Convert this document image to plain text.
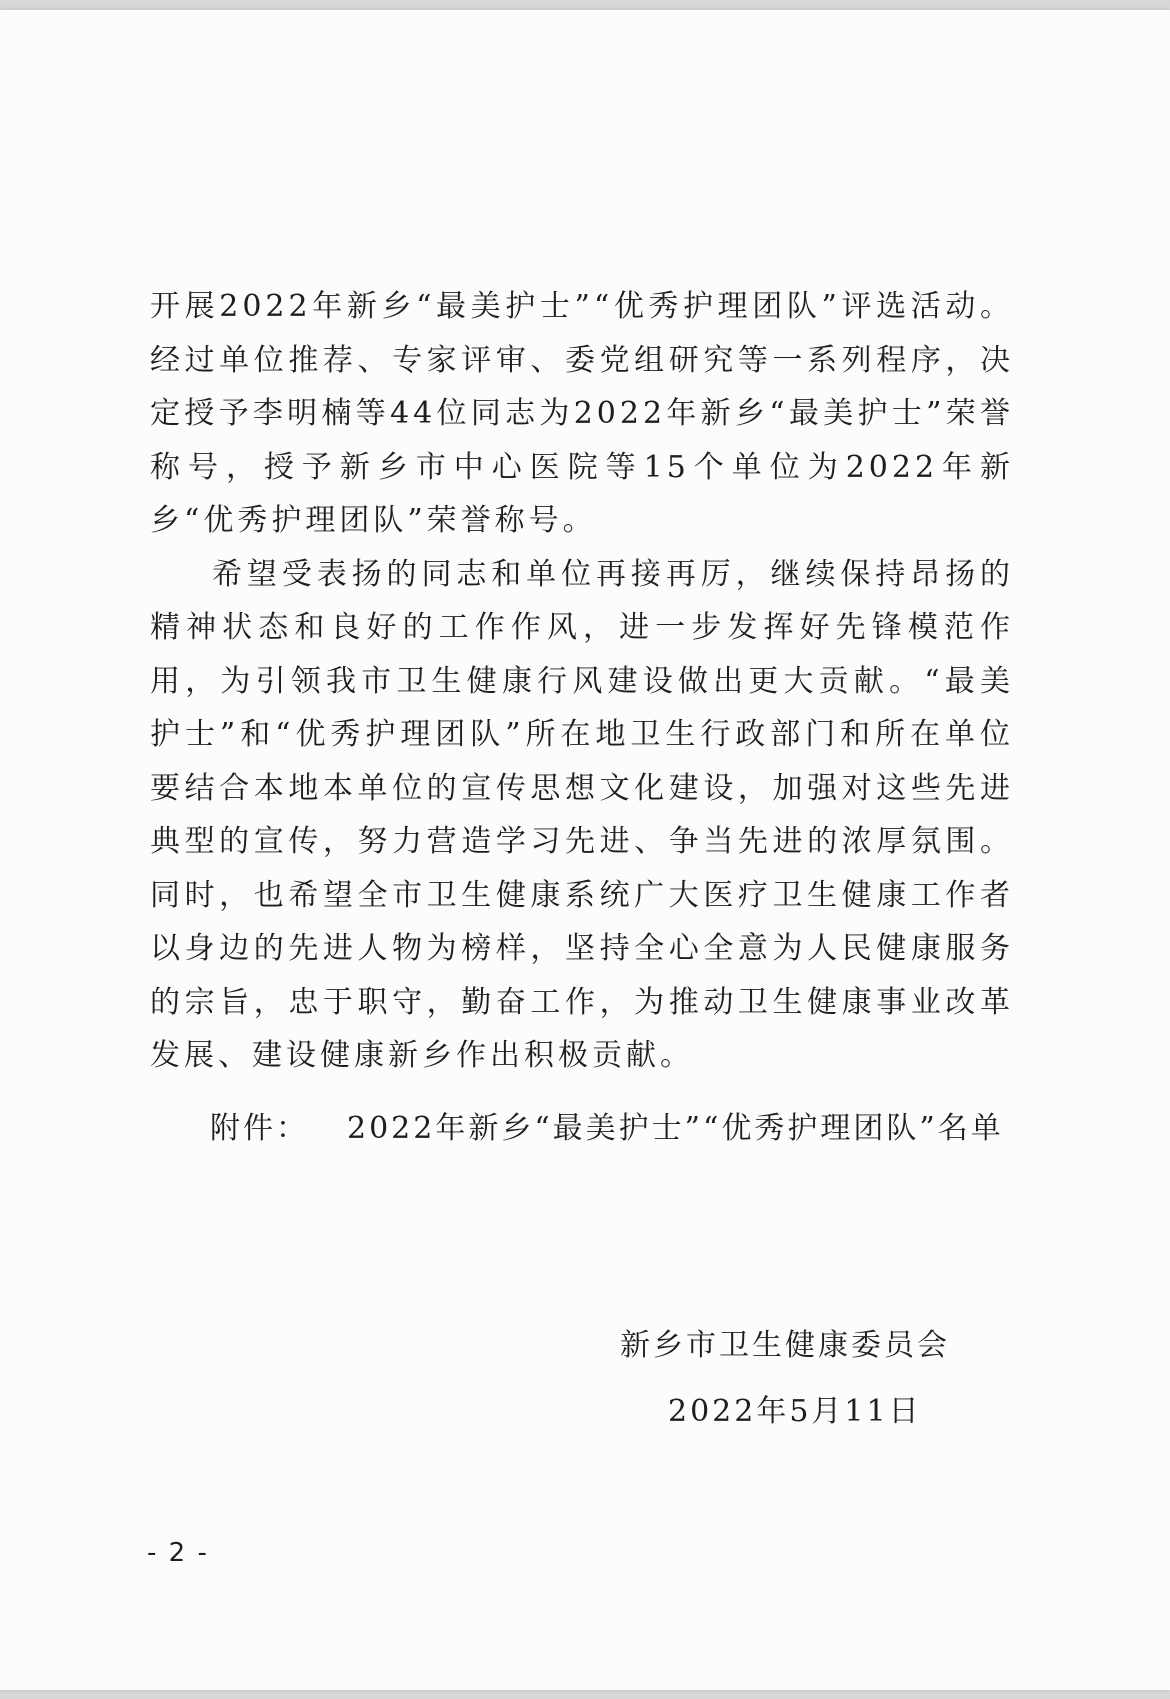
开展2022年新乡“最美护士”“优秀护理团队”评选活动。经过单位推荐、专家评审、委党组研究等一系列程序，决定授予李明楠等44位同志为2022年新乡“最美护士”荣誉称号，授予新乡市中心医院等15个单位为2022年新乡“优秀护理团队”荣誉称号。

希望受表扬的同志和单位再接再厉，继续保持昂扬的精神状态和良好的工作作风，进一步发挥好先锋模范作用，为引领我市卫生健康行风建设做出更大贡献。“最美护士”和“优秀护理团队”所在地卫生行政部门和所在单位要结合本地本单位的宣传思想文化建设，加强对这些先进典型的宣传，努力营造学习先进、争当先进的浓厚氛围。同时，也希望全市卫生健康系统广大医疗卫生健康工作者以身边的先进人物为榜样，坚持全心全意为人民健康服务的宗旨，忠于职守，勤奋工作，为推动卫生健康事业改革发展、建设健康新乡作出积极贡献。

附件： 2022年新乡“最美护士”“优秀护理团队”名单
新乡市卫生健康委员会
2022年5月11日
- 2 -
